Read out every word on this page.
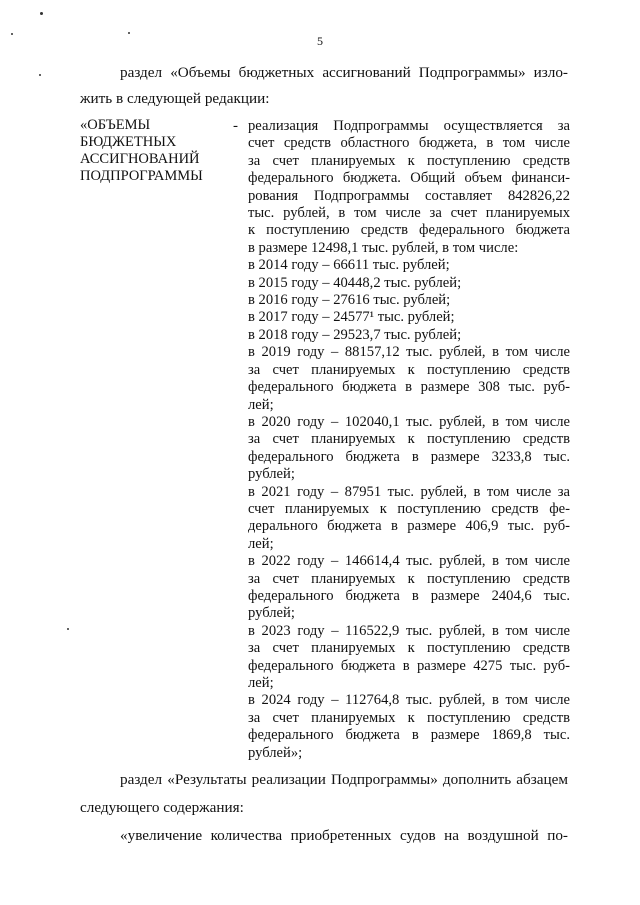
5
раздел «Объемы бюджетных ассигнований Подпрограммы» изло-
жить в следующей редакции:
«ОБЪЕМЫ
БЮДЖЕТНЫХ
АССИГНОВАНИЙ
ПОДПРОГРАММЫ
- реализация Подпрограммы осуществляется за
счет средств областного бюджета, в том числе
за счет планируемых к поступлению средств
федерального бюджета. Общий объем финанси-
рования Подпрограммы составляет 842826,22
тыс. рублей, в том числе за счет планируемых
к поступлению средств федерального бюджета
в размере 12498,1 тыс. рублей, в том числе:
в 2014 году – 66611 тыс. рублей;
в 2015 году – 40448,2 тыс. рублей;
в 2016 году – 27616 тыс. рублей;
в 2017 году – 24577¹ тыс. рублей;
в 2018 году – 29523,7 тыс. рублей;
в 2019 году – 88157,12 тыс. рублей, в том числе
за счет планируемых к поступлению средств
федерального бюджета в размере 308 тыс. руб-
лей;
в 2020 году – 102040,1 тыс. рублей, в том числе
за счет планируемых к поступлению средств
федерального бюджета в размере 3233,8 тыс.
рублей;
в 2021 году – 87951 тыс. рублей, в том числе за
счет планируемых к поступлению средств фе-
дерального бюджета в размере 406,9 тыс. руб-
лей;
в 2022 году – 146614,4 тыс. рублей, в том числе
за счет планируемых к поступлению средств
федерального бюджета в размере 2404,6 тыс.
рублей;
в 2023 году – 116522,9 тыс. рублей, в том числе
за счет планируемых к поступлению средств
федерального бюджета в размере 4275 тыс. руб-
лей;
в 2024 году – 112764,8 тыс. рублей, в том числе
за счет планируемых к поступлению средств
федерального бюджета в размере 1869,8 тыс.
рублей»;
раздел «Результаты реализации Подпрограммы» дополнить абзацем
следующего содержания:
«увеличение количества приобретенных судов на воздушной по-
